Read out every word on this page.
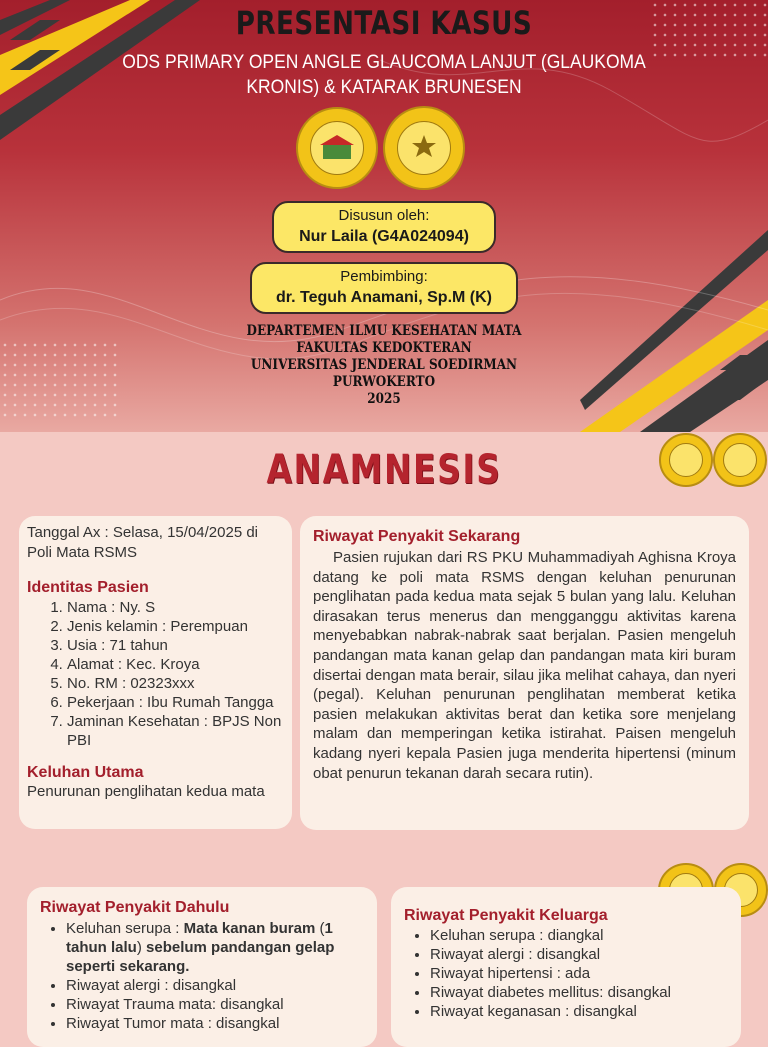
PRESENTASI KASUS
ODS PRIMARY OPEN ANGLE GLAUCOMA LANJUT (GLAUKOMA KRONIS) & KATARAK BRUNESEN
Disusun oleh:
Nur Laila (G4A024094)
Pembimbing:
dr. Teguh Anamani, Sp.M (K)
DEPARTEMEN ILMU KESEHATAN MATA
FAKULTAS KEDOKTERAN
UNIVERSITAS JENDERAL SOEDIRMAN
PURWOKERTO
2025
ANAMNESIS
Tanggal Ax : Selasa, 15/04/2025 di Poli Mata RSMS
Identitas Pasien
1. Nama : Ny. S
2. Jenis kelamin : Perempuan
3. Usia : 71 tahun
4. Alamat : Kec. Kroya
5. No. RM : 02323xxx
6. Pekerjaan : Ibu Rumah Tangga
7. Jaminan Kesehatan : BPJS Non PBI
Keluhan Utama
Penurunan penglihatan kedua mata
Riwayat Penyakit Sekarang
Pasien rujukan dari RS PKU Muhammadiyah Aghisna Kroya datang ke poli mata RSMS dengan keluhan penurunan penglihatan pada kedua mata sejak 5 bulan yang lalu. Keluhan dirasakan terus menerus dan mengganggu aktivitas karena menyebabkan nabrak-nabrak saat berjalan. Pasien mengeluh pandangan mata kanan gelap dan pandangan mata kiri buram disertai dengan mata berair, silau jika melihat cahaya, dan nyeri (pegal). Keluhan penurunan penglihatan memberat ketika pasien melakukan aktivitas berat dan ketika sore menjelang malam dan memperingan ketika istirahat. Paisen mengeluh kadang nyeri kepala Pasien juga menderita hipertensi (minum obat penurun tekanan darah secara rutin).
Riwayat Penyakit Dahulu
• Keluhan serupa : Mata kanan buram (1 tahun lalu) sebelum pandangan gelap seperti sekarang.
• Riwayat alergi : disangkal
• Riwayat Trauma mata: disangkal
• Riwayat Tumor mata : disangkal
Riwayat Penyakit Keluarga
• Keluhan serupa : diangkal
• Riwayat alergi : disangkal
• Riwayat hipertensi : ada
• Riwayat diabetes mellitus: disangkal
• Riwayat keganasan : disangkal
